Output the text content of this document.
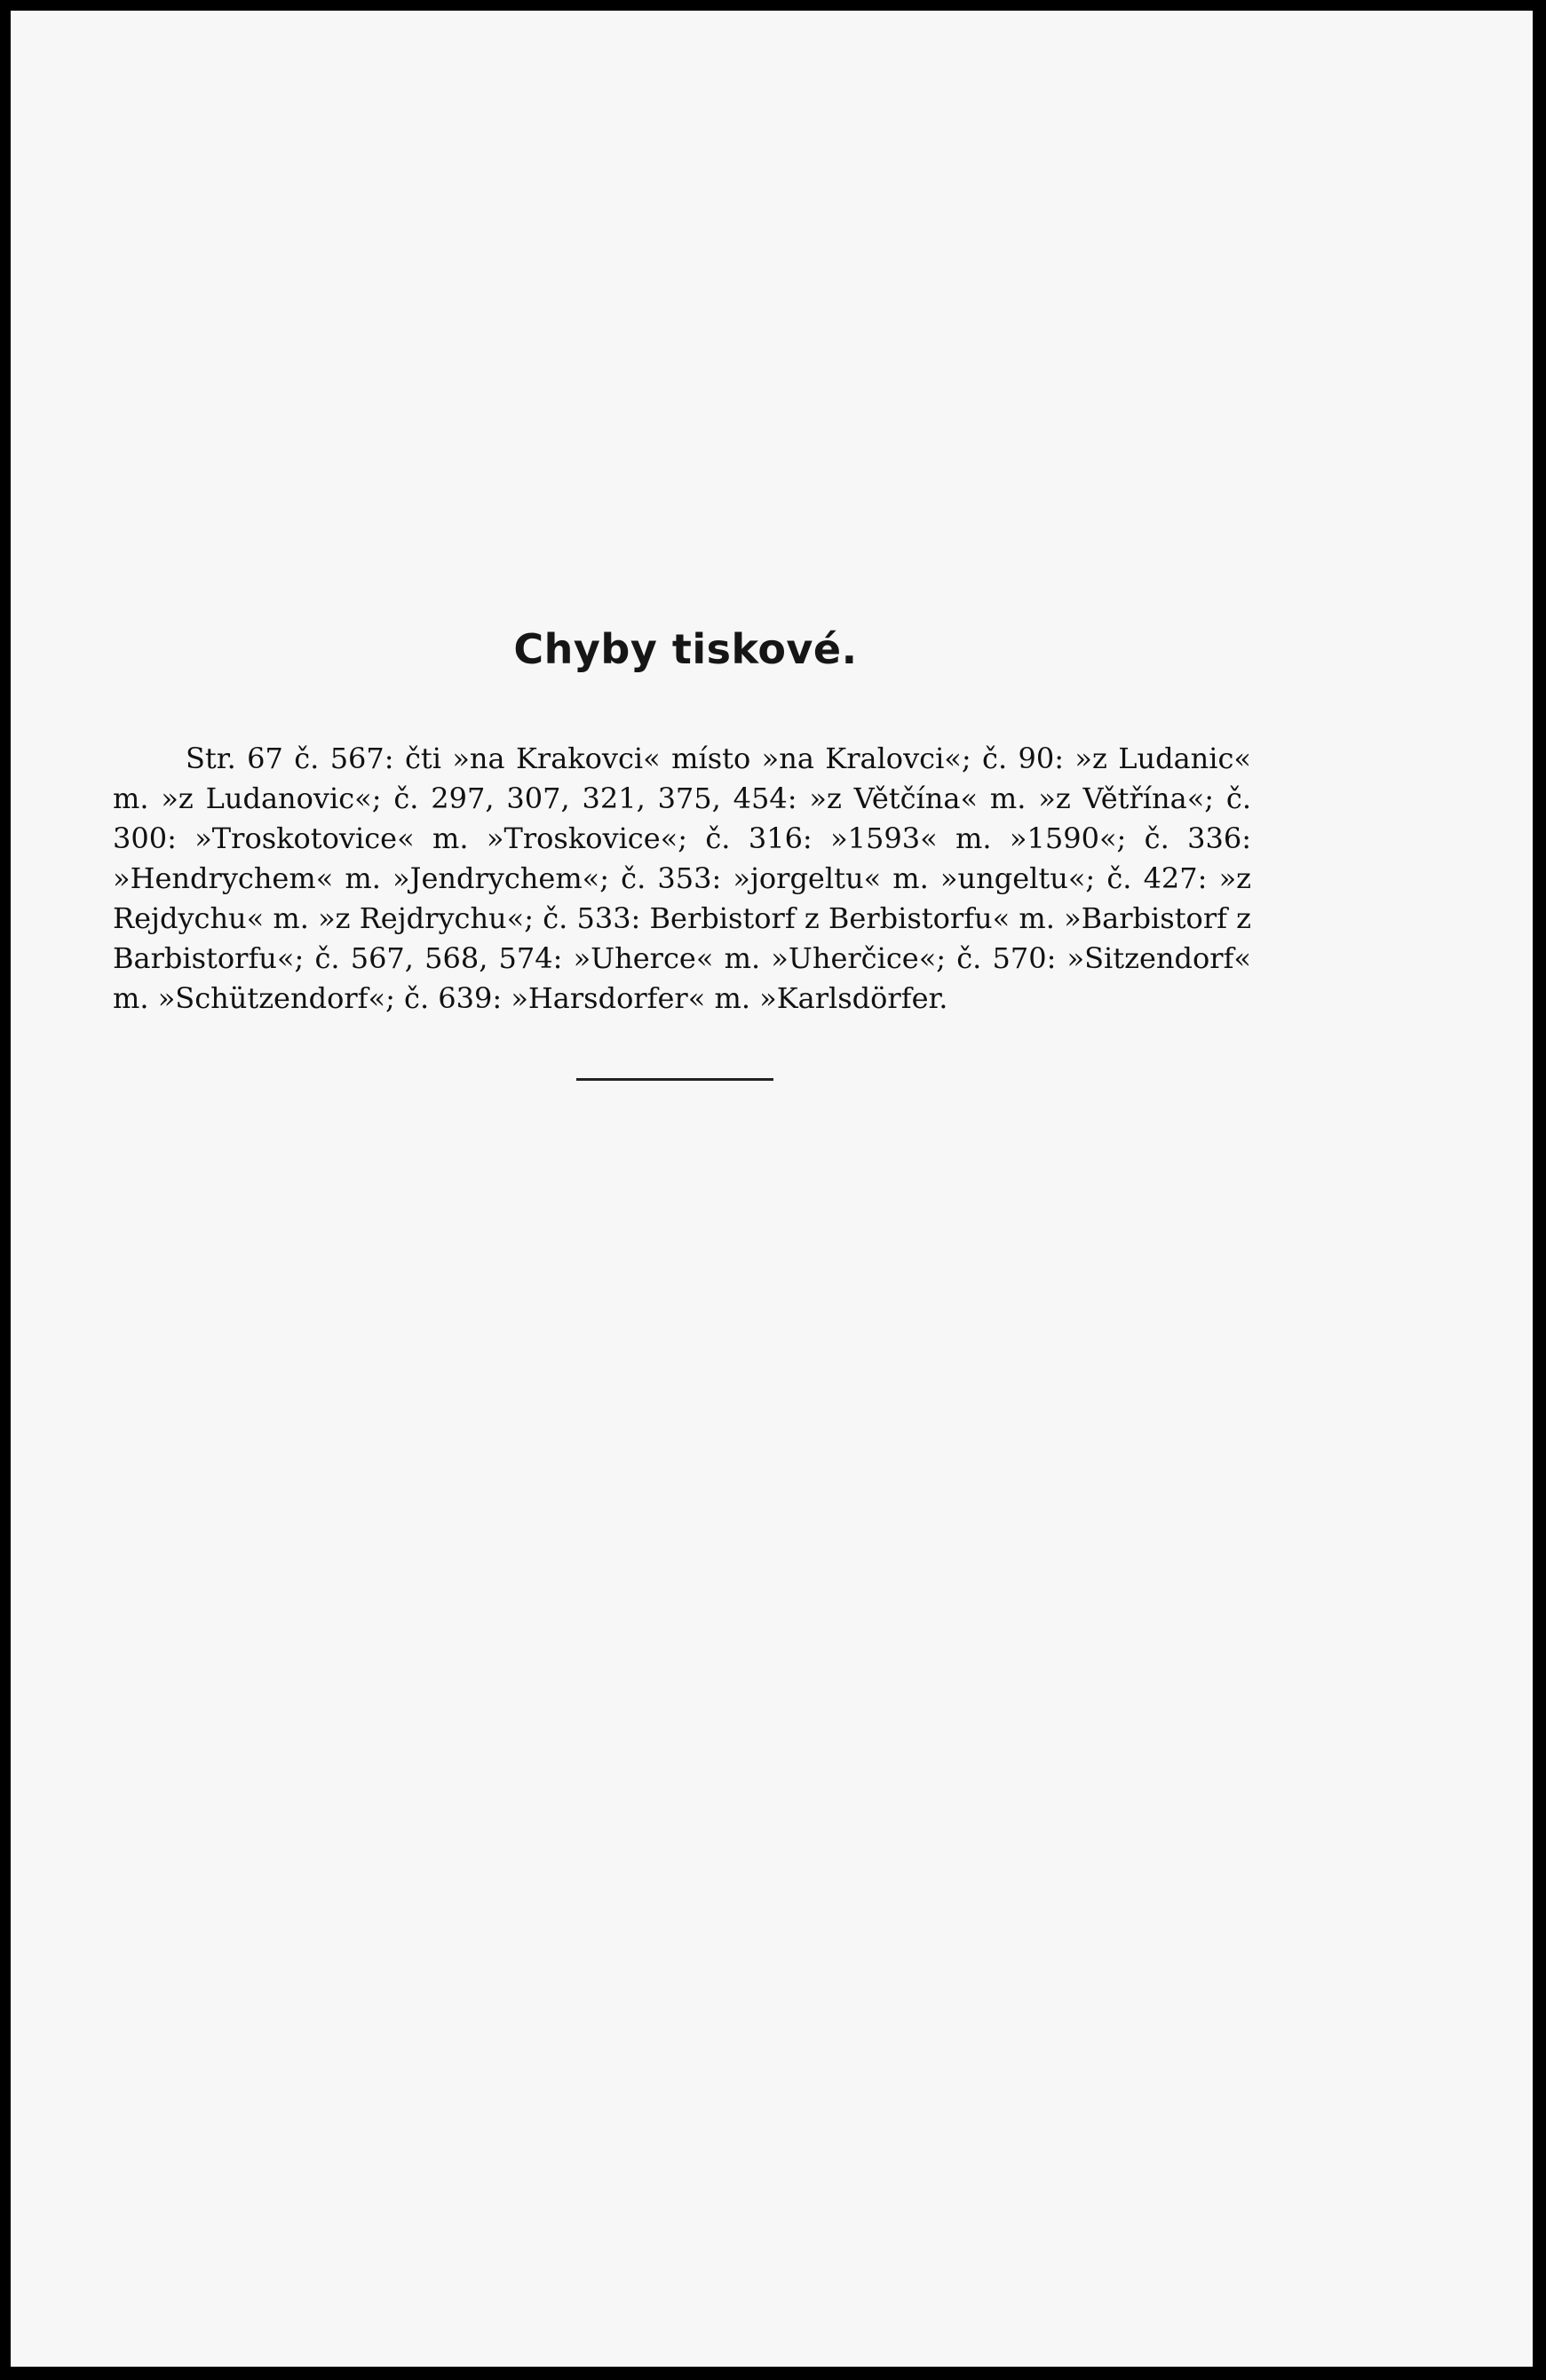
Chyby tiskové.

Str. 67 č. 567: čti »na Krakovci« místo »na Kralovci«; č. 90: »z Ludanic« m. »z Ludanovic«; č. 297, 307, 321, 375, 454: »z Větčína« m. »z Větřína«; č. 300: »Troskotovice« m. »Troskovice«; č. 316: »1593« m. »1590«; č. 336: »Hendrychem« m. »Jendrychem«; č. 353: »jorgeltu« m. »ungeltu«; č. 427: »z Rejdychu« m. »z Rejdrychu«; č. 533: Berbistorf z Berbistorfu« m. »Barbistorf z Barbistorfu«; č. 567, 568, 574: »Uherce« m. »Uherčice«; č. 570: »Sitzendorf« m. »Schützendorf«; č. 639: »Harsdorfer« m. »Karlsdörfer.
